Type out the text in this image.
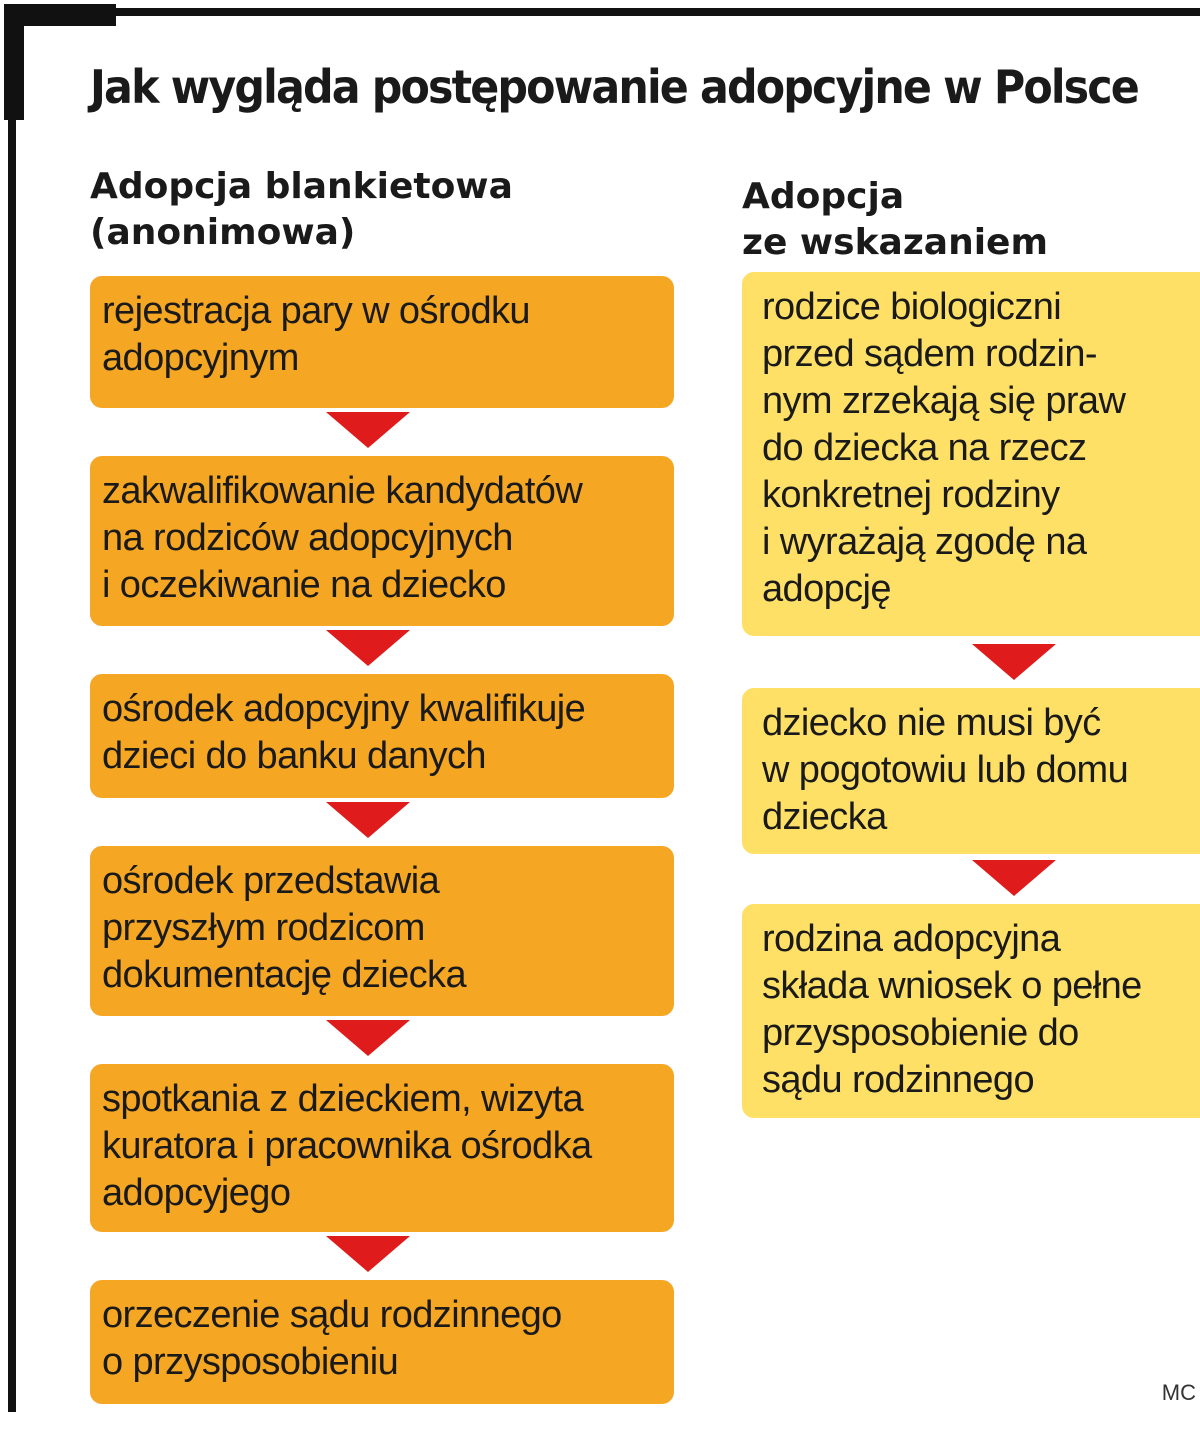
Jak wygląda postępowanie adopcyjne w Polsce
Adopcja blankietowa
(anonimowa)
Adopcja
ze wskazaniem
rejestracja pary w ośrodku
adopcyjnym
zakwalifikowanie kandydatów
na rodziców adopcyjnych
i oczekiwanie na dziecko
ośrodek adopcyjny kwalifikuje
dzieci do banku danych
ośrodek przedstawia
przyszłym rodzicom
dokumentację dziecka
spotkania z dzieckiem, wizyta
kuratora i pracownika ośrodka
adopcyjego
orzeczenie sądu rodzinnego
o przysposobieniu
rodzice biologiczni
przed sądem rodzin-
nym zrzekają się praw
do dziecka na rzecz
konkretnej rodziny
i wyrażają zgodę na
adopcję
dziecko nie musi być
w pogotowiu lub domu
dziecka
rodzina adopcyjna
składa wniosek o pełne
przysposobienie do
sądu rodzinnego
MC
